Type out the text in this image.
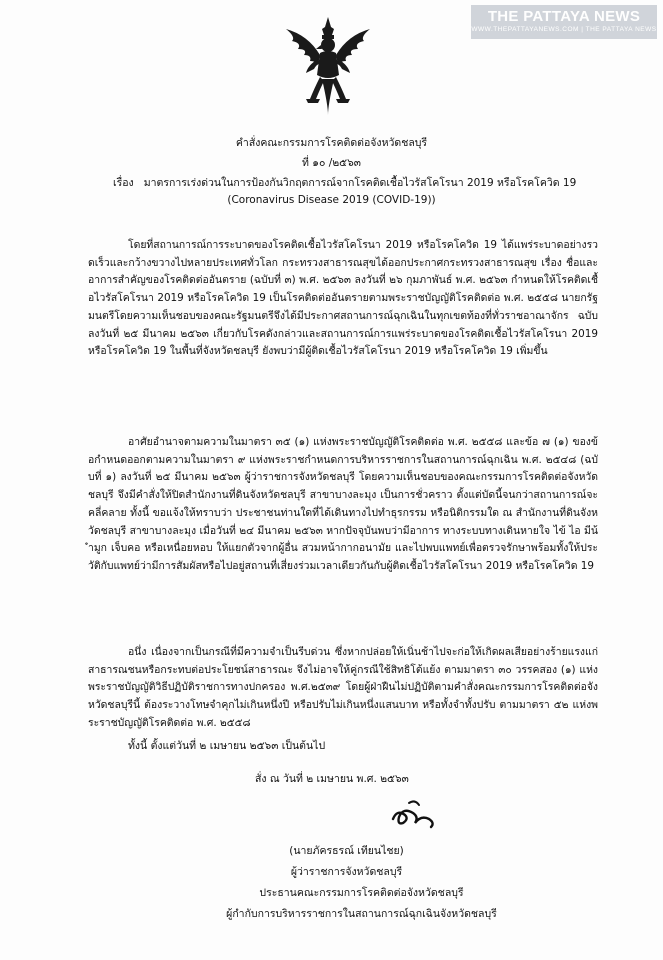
THE PATTAYA NEWS
WWW.THEPATTAYANEWS.COM | THE PATTAYA NEWS
คำสั่งคณะกรรมการโรคติดต่อจังหวัดชลบุรี
ที่ ๑๐ /๒๕๖๓
เรื่อง มาตรการเร่งด่วนในการป้องกันวิกฤตการณ์จากโรคติดเชื้อไวรัสโคโรนา 2019 หรือโรคโควิด 19
(Coronavirus Disease 2019 (COVID-19))

โดยที่สถานการณ์การระบาดของโรคติดเชื้อไวรัสโคโรนา 2019 หรือโรคโควิด 19 ได้แพร่ระบาดอย่างรวดเร็วและกว้างขวางไปหลายประเทศทั่วโลก กระทรวงสาธารณสุขได้ออกประกาศกระทรวงสาธารณสุข เรื่อง ชื่อและอาการสำคัญของโรคติดต่ออันตราย (ฉบับที่ ๓) พ.ศ. ๒๕๖๓ ลงวันที่ ๒๖ กุมภาพันธ์ พ.ศ. ๒๕๖๓ กำหนดให้โรคติดเชื้อไวรัสโคโรนา 2019 หรือโรคโควิด 19 เป็นโรคติดต่ออันตรายตามพระราชบัญญัติโรคติดต่อ พ.ศ. ๒๕๕๘ นายกรัฐมนตรีโดยความเห็นชอบของคณะรัฐมนตรีจึงได้มีประกาศสถานการณ์ฉุกเฉินในทุกเขตท้องที่ทั่วราชอาณาจักร ฉบับลงวันที่ ๒๕ มีนาคม ๒๕๖๓ เกี่ยวกับโรคดังกล่าวและสถานการณ์การแพร่ระบาดของโรคติดเชื้อไวรัสโคโรนา 2019 หรือโรคโควิด 19 ในพื้นที่จังหวัดชลบุรี ยังพบว่ามีผู้ติดเชื้อไวรัสโคโรนา 2019 หรือโรคโควิด 19 เพิ่มขึ้น

อาศัยอำนาจตามความในมาตรา ๓๕ (๑) แห่งพระราชบัญญัติโรคติดต่อ พ.ศ. ๒๕๕๘ และข้อ ๗ (๑) ของข้อกำหนดออกตามความในมาตรา ๙ แห่งพระราชกำหนดการบริหารราชการในสถานการณ์ฉุกเฉิน พ.ศ. ๒๕๔๘ (ฉบับที่ ๑) ลงวันที่ ๒๕ มีนาคม ๒๕๖๓ ผู้ว่าราชการจังหวัดชลบุรี โดยความเห็นชอบของคณะกรรมการโรคติดต่อจังหวัดชลบุรี จึงมีคำสั่งให้ปิดสำนักงานที่ดินจังหวัดชลบุรี สาขาบางละมุง เป็นการชั่วคราว ตั้งแต่บัดนี้จนกว่าสถานการณ์จะคลี่คลาย ทั้งนี้ ขอแจ้งให้ทราบว่า ประชาชนท่านใดที่ได้เดินทางไปทำธุรกรรม หรือนิติกรรมใด ณ สำนักงานที่ดินจังหวัดชลบุรี สาขาบางละมุง เมื่อวันที่ ๒๔ มีนาคม ๒๕๖๓ หากปัจจุบันพบว่ามีอาการ ทางระบบทางเดินหายใจ ไข้ ไอ มีน้ำมูก เจ็บคอ หรือเหนื่อยหอบ ให้แยกตัวจากผู้อื่น สวมหน้ากากอนามัย และไปพบแพทย์เพื่อตรวจรักษาพร้อมทั้งให้ประวัติกับแพทย์ว่ามีการสัมผัสหรือไปอยู่สถานที่เสี่ยงร่วมเวลาเดียวกันกับผู้ติดเชื้อไวรัสโคโรนา 2019 หรือโรคโควิด 19

อนึ่ง เนื่องจากเป็นกรณีที่มีความจำเป็นรีบด่วน ซึ่งหากปล่อยให้เนิ่นช้าไปจะก่อให้เกิดผลเสียอย่างร้ายแรงแก่สาธารณชนหรือกระทบต่อประโยชน์สาธารณะ จึงไม่อาจให้คู่กรณีใช้สิทธิโต้แย้ง ตามมาตรา ๓๐ วรรคสอง (๑) แห่งพระราชบัญญัติวิธีปฏิบัติราชการทางปกครอง พ.ศ.๒๕๓๙ โดยผู้ฝ่าฝืนไม่ปฏิบัติตามคำสั่งคณะกรรมการโรคติดต่อจังหวัดชลบุรีนี้ ต้องระวางโทษจำคุกไม่เกินหนึ่งปี หรือปรับไม่เกินหนึ่งแสนบาท หรือทั้งจำทั้งปรับ ตามมาตรา ๕๒ แห่งพระราชบัญญัติโรคติดต่อ พ.ศ. ๒๕๕๘

ทั้งนี้ ตั้งแต่วันที่ ๒ เมษายน ๒๕๖๓ เป็นต้นไป
สั่ง ณ วันที่ ๒ เมษายน พ.ศ. ๒๕๖๓
(นายภัครธรณ์ เทียนไชย)
ผู้ว่าราชการจังหวัดชลบุรี
ประธานคณะกรรมการโรคติดต่อจังหวัดชลบุรี
ผู้กำกับการบริหารราชการในสถานการณ์ฉุกเฉินจังหวัดชลบุรี
